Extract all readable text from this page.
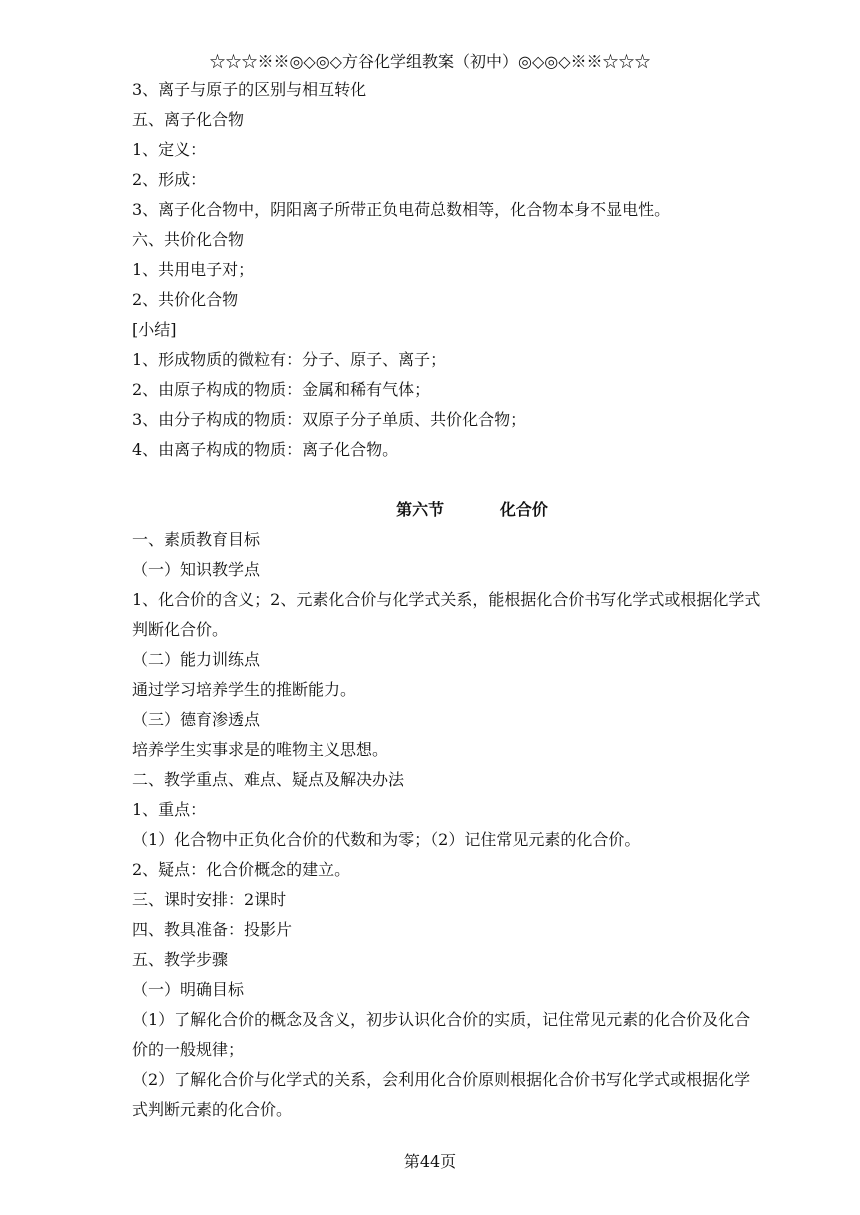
☆☆☆※※◎◇◎◇方谷化学组教案（初中）◎◇◎◇※※☆☆☆
3、离子与原子的区别与相互转化
五、离子化合物
1、定义：
2、形成：
3、离子化合物中，阴阳离子所带正负电荷总数相等，化合物本身不显电性。
六、共价化合物
1、共用电子对；
2、共价化合物
[小结]
1、形成物质的微粒有：分子、原子、离子；
2、由原子构成的物质：金属和稀有气体；
3、由分子构成的物质：双原子分子单质、共价化合物；
4、由离子构成的物质：离子化合物。
第六节	化合价
一、素质教育目标
（一）知识教学点
1、化合价的含义；2、元素化合价与化学式关系，能根据化合价书写化学式或根据化学式
判断化合价。
（二）能力训练点
通过学习培养学生的推断能力。
（三）德育渗透点
培养学生实事求是的唯物主义思想。
二、教学重点、难点、疑点及解决办法
1、重点：
（1）化合物中正负化合价的代数和为零；（2）记住常见元素的化合价。
2、疑点：化合价概念的建立。
三、课时安排：2课时
四、教具准备：投影片
五、教学步骤
（一）明确目标
（1）了解化合价的概念及含义，初步认识化合价的实质，记住常见元素的化合价及化合
价的一般规律；
（2）了解化合价与化学式的关系，会利用化合价原则根据化合价书写化学式或根据化学
式判断元素的化合价。
第44页
